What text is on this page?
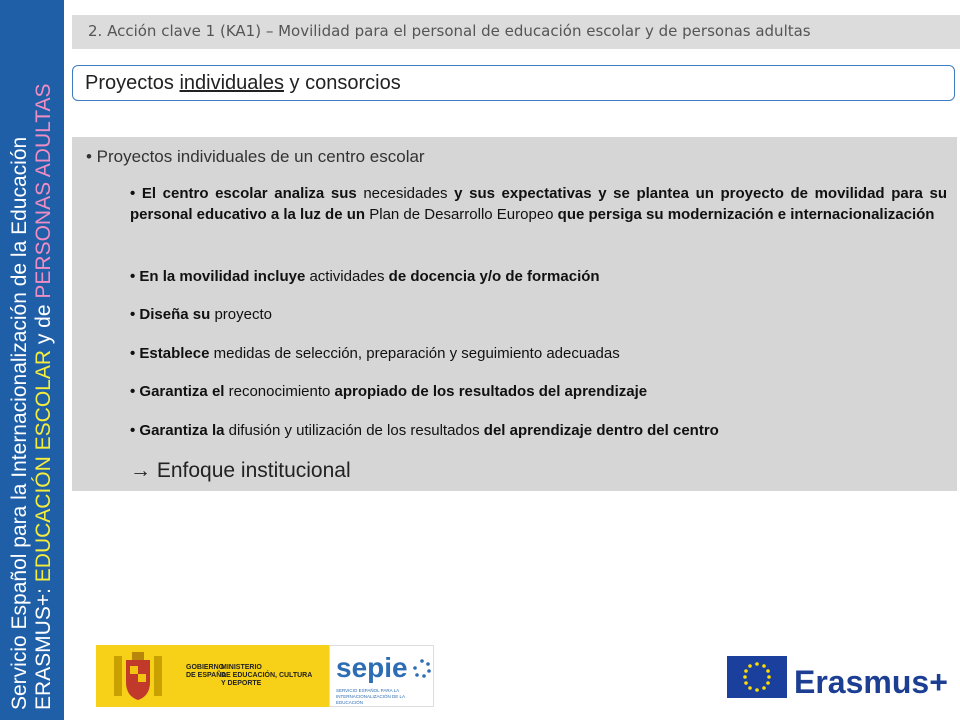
Servicio Español para la Internacionalización de la Educación ERASMUS+: EDUCACIÓN ESCOLAR y de PERSONAS ADULTAS
2. Acción clave 1 (KA1) – Movilidad para el personal de educación escolar y de personas adultas
Proyectos individuales y consorcios
• Proyectos individuales de un centro escolar
• El centro escolar analiza sus necesidades y sus expectativas y se plantea un proyecto de movilidad para su personal educativo a la luz de un Plan de Desarrollo Europeo que persiga su modernización e internacionalización
• En la movilidad incluye actividades de docencia y/o de formación
• Diseña su proyecto
• Establece medidas de selección, preparación y seguimiento adecuadas
• Garantiza el reconocimiento apropiado de los resultados del aprendizaje
• Garantiza la difusión y utilización de los resultados del aprendizaje dentro del centro
→ Enfoque institucional
GOBIERNO
DE ESPAÑA
MINISTERIO
DE EDUCACIÓN, CULTURA
Y DEPORTE
sepie
SERVICIO ESPAÑOL PARA LA INTERNACIONALIZACIÓN DE LA EDUCACIÓN
Erasmus+
